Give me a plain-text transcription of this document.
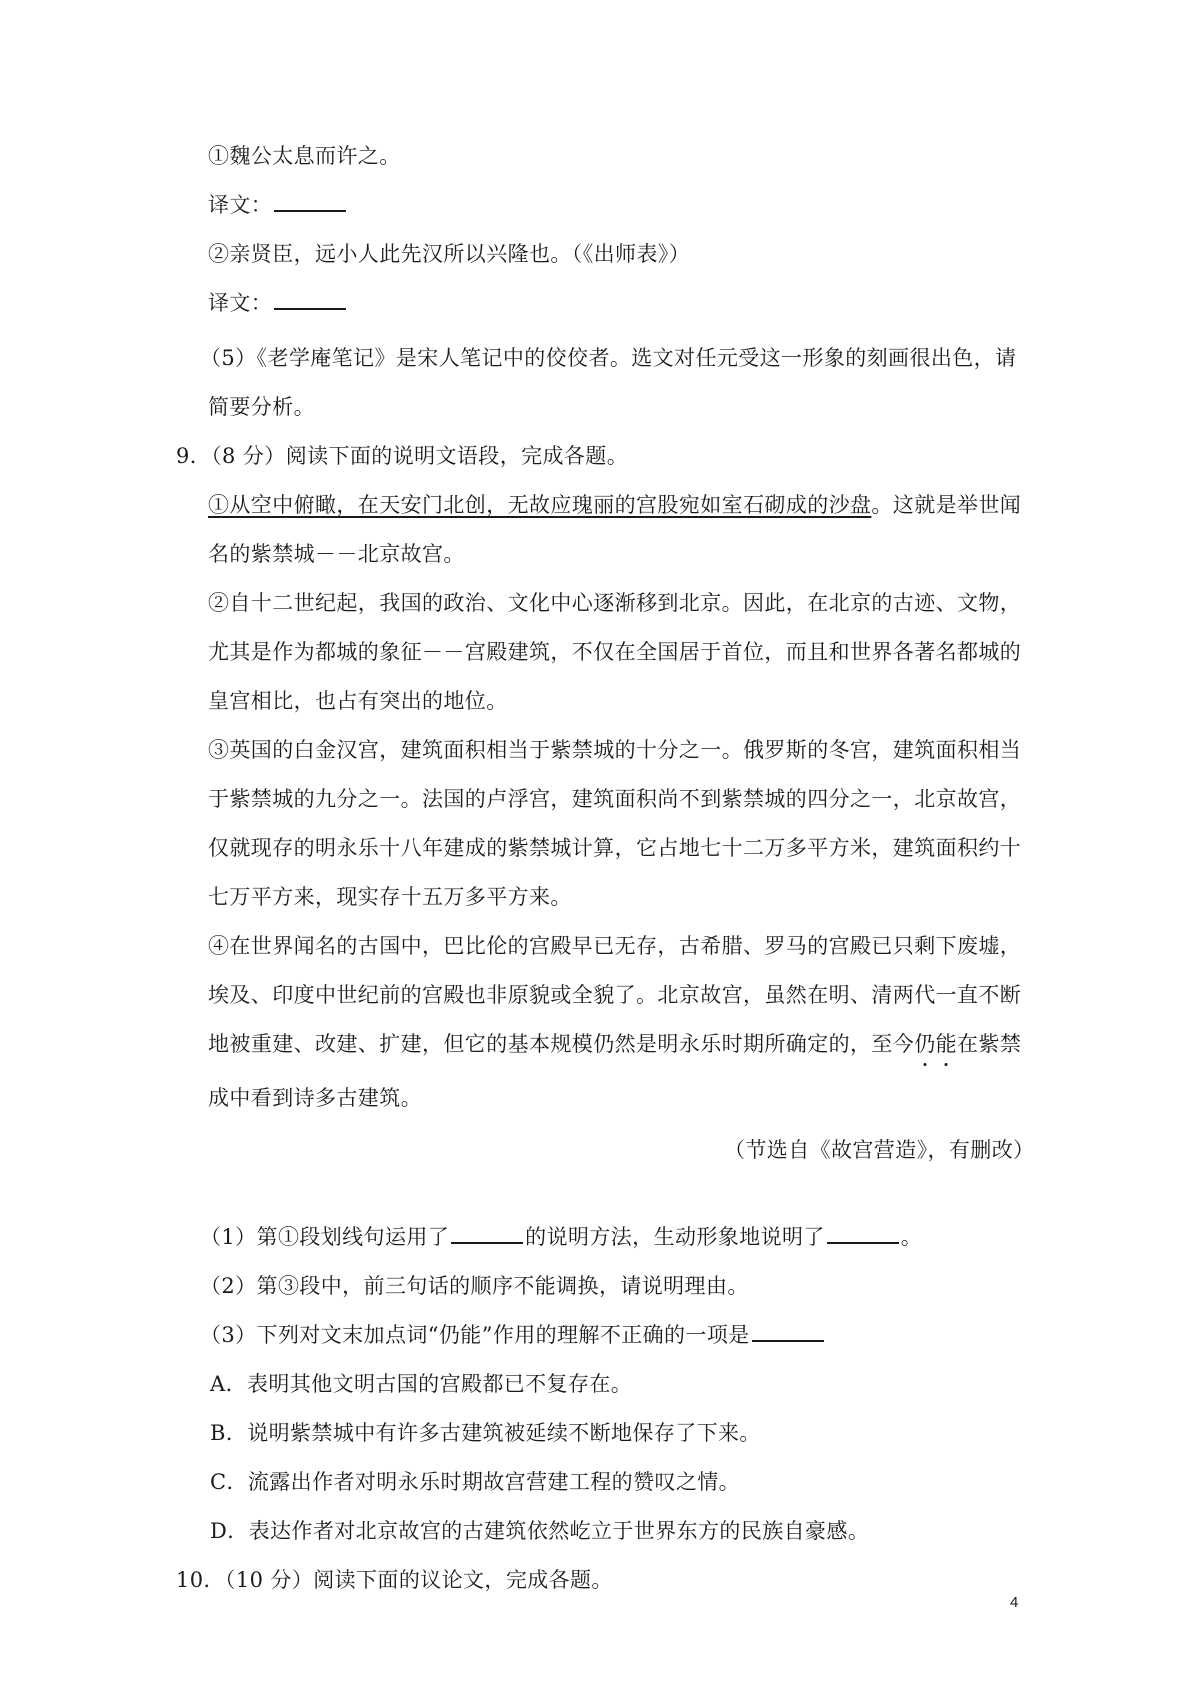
①魏公太息而许之。
译文：
②亲贤臣，远小人此先汉所以兴隆也。（《出师表》）
译文：
（5）《老学庵笔记》是宋人笔记中的佼佼者。选文对任元受这一形象的刻画很出色，请
简要分析。
9．（8 分）阅读下面的说明文语段，完成各题。
①从空中俯瞰，在天安门北创，无故应瑰丽的宫股宛如室石砌成的沙盘。这就是举世闻
名的紫禁城－－北京故宫。
②自十二世纪起，我国的政治、文化中心逐渐移到北京。因此，在北京的古迹、文物，
尤其是作为都城的象征－－宫殿建筑，不仅在全国居于首位，而且和世界各著名都城的
皇宫相比，也占有突出的地位。
③英国的白金汉宫，建筑面积相当于紫禁城的十分之一。俄罗斯的冬宫，建筑面积相当
于紫禁城的九分之一。法国的卢浮宫，建筑面积尚不到紫禁城的四分之一，北京故宫，
仅就现存的明永乐十八年建成的紫禁城计算，它占地七十二万多平方米，建筑面积约十
七万平方来，现实存十五万多平方来。
④在世界闻名的古国中，巴比伦的宫殿早已无存，古希腊、罗马的宫殿已只剩下废墟，
埃及、印度中世纪前的宫殿也非原貌或全貌了。北京故宫，虽然在明、清两代一直不断
地被重建、改建、扩建，但它的基本规模仍然是明永乐时期所确定的，至今仍能在紫禁
成中看到诗多古建筑。
（节选自《故宫营造》，有删改）
（1）第①段划线句运用了	的说明方法，生动形象地说明了	。
（2）第③段中，前三句话的顺序不能调换，请说明理由。
（3）下列对文末加点词“仍能”作用的理解不正确的一项是
A．表明其他文明古国的宫殿都已不复存在。
B．说明紫禁城中有许多古建筑被延续不断地保存了下来。
C．流露出作者对明永乐时期故宫营建工程的赞叹之情。
D．表达作者对北京故宫的古建筑依然屹立于世界东方的民族自豪感。
10．（10 分）阅读下面的议论文，完成各题。
4
